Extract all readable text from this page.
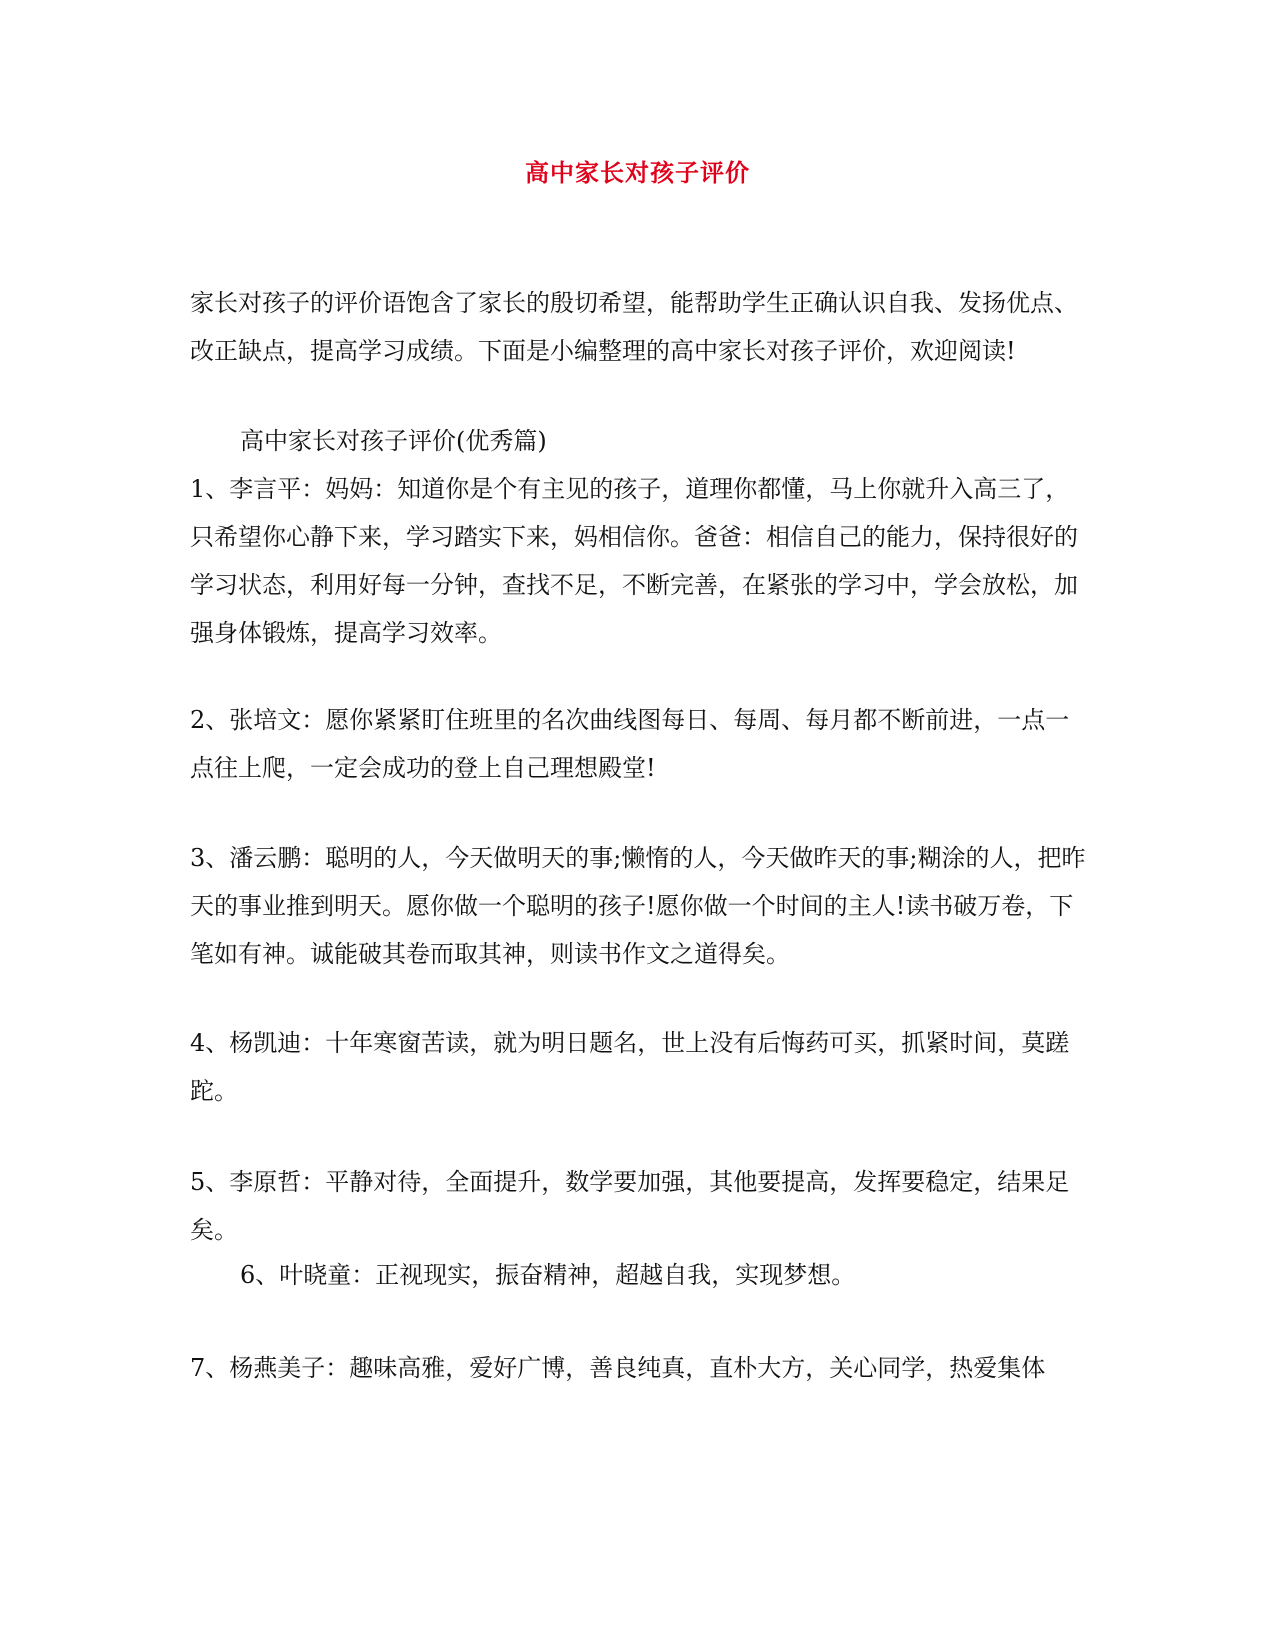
高中家长对孩子评价

家长对孩子的评价语饱含了家长的殷切希望，能帮助学生正确认识自我、发扬优点、改正缺点，提高学习成绩。下面是小编整理的高中家长对孩子评价，欢迎阅读!

高中家长对孩子评价(优秀篇)

1、李言平：妈妈：知道你是个有主见的孩子，道理你都懂，马上你就升入高三了，只希望你心静下来，学习踏实下来，妈相信你。爸爸：相信自己的能力，保持很好的学习状态，利用好每一分钟，查找不足，不断完善，在紧张的学习中，学会放松，加强身体锻炼，提高学习效率。

2、张培文：愿你紧紧盯住班里的名次曲线图每日、每周、每月都不断前进，一点一点往上爬，一定会成功的登上自己理想殿堂!

3、潘云鹏：聪明的人，今天做明天的事;懒惰的人，今天做昨天的事;糊涂的人，把昨天的事业推到明天。愿你做一个聪明的孩子!愿你做一个时间的主人!读书破万卷，下笔如有神。诚能破其卷而取其神，则读书作文之道得矣。

4、杨凯迪：十年寒窗苦读，就为明日题名，世上没有后悔药可买，抓紧时间，莫蹉跎。

5、李原哲：平静对待，全面提升，数学要加强，其他要提高，发挥要稳定，结果足矣。

6、叶晓童：正视现实，振奋精神，超越自我，实现梦想。

7、杨燕美子：趣味高雅，爱好广博，善良纯真，直朴大方，关心同学，热爱集体
